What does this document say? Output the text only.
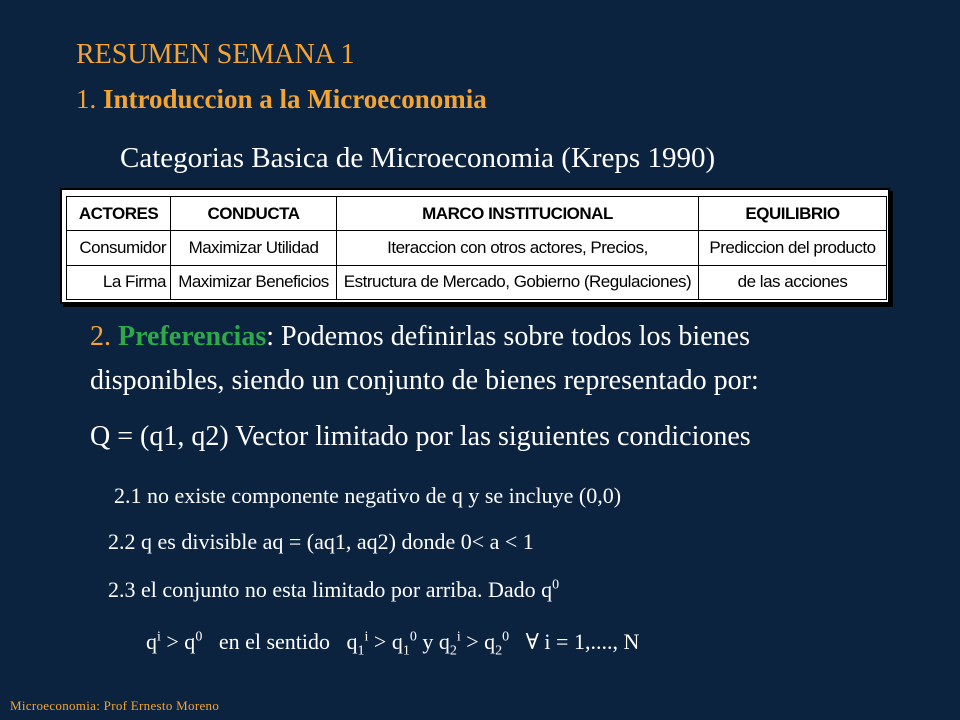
RESUMEN SEMANA 1
1. Introduccion a la Microeconomia
Categorias Basica de Microeconomia (Kreps 1990)
ACTORES	CONDUCTA	MARCO INSTITUCIONAL	EQUILIBRIO
Consumidor	Maximizar Utilidad	Iteraccion con otros actores, Precios,	Prediccion del producto
La Firma	Maximizar Beneficios	Estructura de Mercado, Gobierno (Regulaciones)	de las acciones
2. Preferencias: Podemos definirlas sobre todos los bienes
disponibles, siendo un conjunto de bienes representado por:
Q = (q1, q2) Vector limitado por las siguientes condiciones
2.1 no existe componente negativo de q y se incluye (0,0)
2.2 q es divisible aq = (aq1, aq2) donde 0< a < 1
2.3 el conjunto no esta limitado por arriba. Dado $q^0$
$q^i > q^0$ en el sentido $q_1^i > q_1^0$ y $q_2^i > q_2^0$ ∀ i = 1,...., N
Microeconomia: Prof Ernesto Moreno
